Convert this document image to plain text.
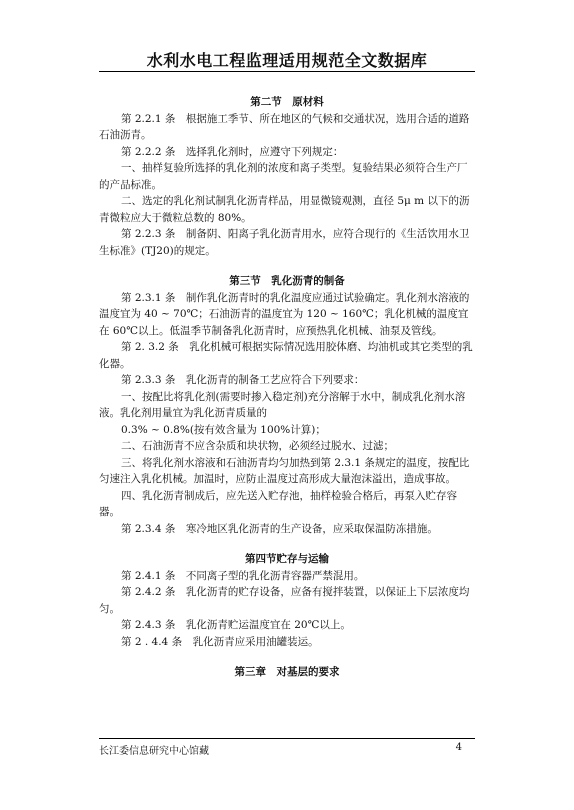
水利水电工程监理适用规范全文数据库

第二节　原材料

第 2.2.1 条　根据施工季节、所在地区的气候和交通状况，选用合适的道路石油沥青。

第 2.2.2 条　选择乳化剂时，应遵守下列规定：

一、抽样复验所选择的乳化剂的浓度和离子类型。复验结果必须符合生产厂的产品标准。

二、选定的乳化剂试制乳化沥青样品，用显微镜观测，直径 5μ m 以下的沥青微粒应大于微粒总数的 80%。

第 2.2.3 条　制备阴、阳离子乳化沥青用水，应符合现行的《生活饮用水卫生标准》(TJ20)的规定。

第三节　乳化沥青的制备

第 2.3.1 条　制作乳化沥青时的乳化温度应通过试验确定。乳化剂水溶液的温度宜为 40 ~ 70℃；石油沥青的温度宜为 120 ~ 160℃；乳化机械的温度宜在 60℃以上。低温季节制备乳化沥青时，应预热乳化机械、油泵及管线。

第 2. 3.2 条　乳化机械可根据实际情况选用胶体磨、均油机或其它类型的乳化器。

第 2.3.3 条　乳化沥青的制备工艺应符合下列要求：

一、按配比将乳化剂(需要时掺入稳定剂)充分溶解于水中，制成乳化剂水溶液。乳化剂用量宜为乳化沥青质量的

0.3% ~ 0.8%(按有效含量为 100%计算)；

二、石油沥青不应含杂质和块状物，必须经过脱水、过滤；

三、将乳化剂水溶液和石油沥青均匀加热到第 2.3.1 条规定的温度，按配比匀速注入乳化机械。加温时，应防止温度过高形成大量泡沫溢出，造成事故。

四、乳化沥青制成后，应先送入贮存池，抽样检验合格后，再泵入贮存容器。

第 2.3.4 条　寒冷地区乳化沥青的生产设备，应采取保温防冻措施。

第四节贮存与运输

第 2.4.1 条　不同离子型的乳化沥青容器严禁混用。

第 2.4.2 条　乳化沥青的贮存设备，应备有搅拌装置，以保证上下层浓度均匀。

第 2.4.3 条　乳化沥青贮运温度宜在 20℃以上。

第 2 . 4.4 条　乳化沥青应采用油罐装运。

第三章　对基层的要求

长江委信息研究中心馆藏	4
